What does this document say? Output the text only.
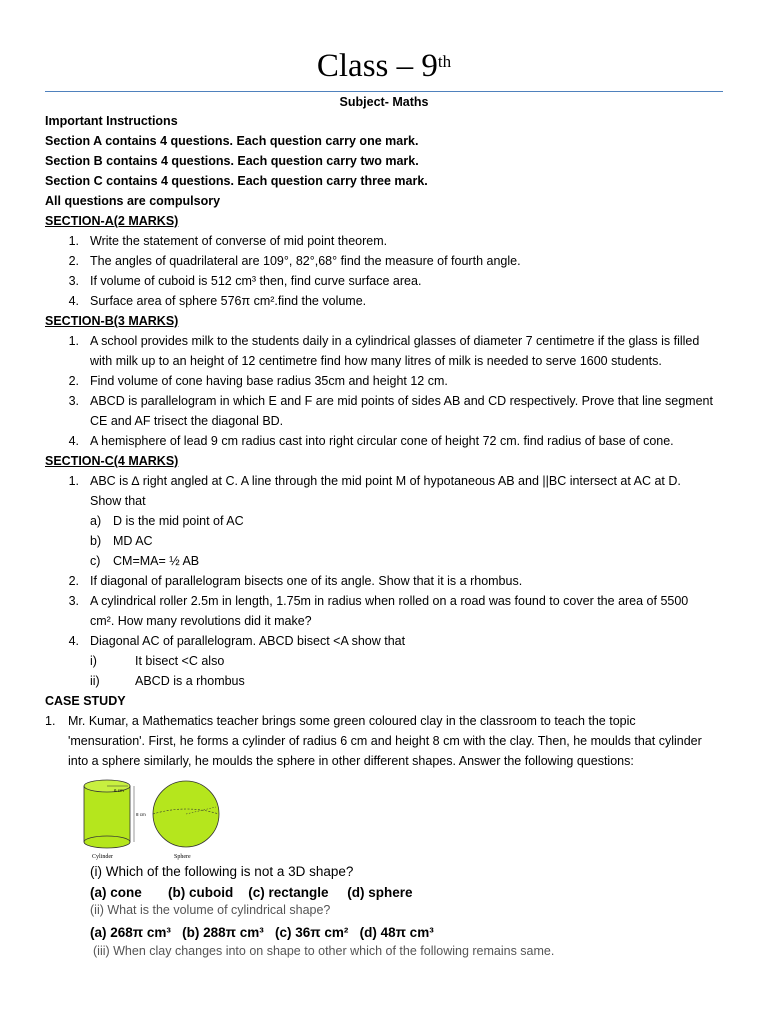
Class – 9th
Subject- Maths
Important Instructions
Section A contains 4 questions. Each question carry one mark.
Section B contains 4 questions. Each question carry two mark.
Section C contains 4 questions. Each question carry three mark.
All questions are compulsory
SECTION-A(2 MARKS)
1. Write the statement of converse of mid point theorem.
2. The angles of quadrilateral are 109°, 82°,68° find the measure of fourth angle.
3. If volume of cuboid is 512 cm³ then, find curve surface area.
4. Surface area of sphere 576π cm².find the volume.
SECTION-B(3 MARKS)
1. A school provides milk to the students daily in a cylindrical glasses of diameter 7 centimetre if the glass is filled
with milk up to an height of 12 centimetre find how many litres of milk is needed to serve 1600 students.
2. Find volume of cone having base radius 35cm and height 12 cm.
3. ABCD is parallelogram in which E and F are mid points of sides AB and CD respectively. Prove that line segment
CE and AF trisect the diagonal BD.
4. A hemisphere of lead 9 cm radius cast into right circular cone of height 72 cm. find radius of base of cone.
SECTION-C(4 MARKS)
1. ABC is ∆ right angled at C. A line through the mid point M of hypotaneous AB and ||BC intersect at AC at D.
Show that
a) D is the mid point of AC
b) MD AC
c) CM=MA= ½ AB
2. If diagonal of parallelogram bisects one of its angle. Show that it is a rhombus.
3. A cylindrical roller 2.5m in length, 1.75m in radius when rolled on a road was found to cover the area of 5500
cm². How many revolutions did it make?
4. Diagonal AC of parallelogram. ABCD bisect <A show that
i)	It bisect <C also
ii)	ABCD is a rhombus
CASE STUDY
1. Mr. Kumar, a Mathematics teacher brings some green coloured clay in the classroom to teach the topic
'mensuration'. First, he forms a cylinder of radius 6 cm and height 8 cm with the clay. Then, he moulds that cylinder
into a sphere similarly, he moulds the sphere in other different shapes. Answer the following questions:
6 cm
8 cm
Cylinder	Sphere
(i) Which of the following is not a 3D shape?
(a) cone       (b) cuboid    (c) rectangle     (d) sphere
(ii) What is the volume of cylindrical shape?
(a) 268π cm³   (b) 288π cm³   (c) 36π cm²   (d) 48π cm³
(iii) When clay changes into on shape to other which of the following remains same.
